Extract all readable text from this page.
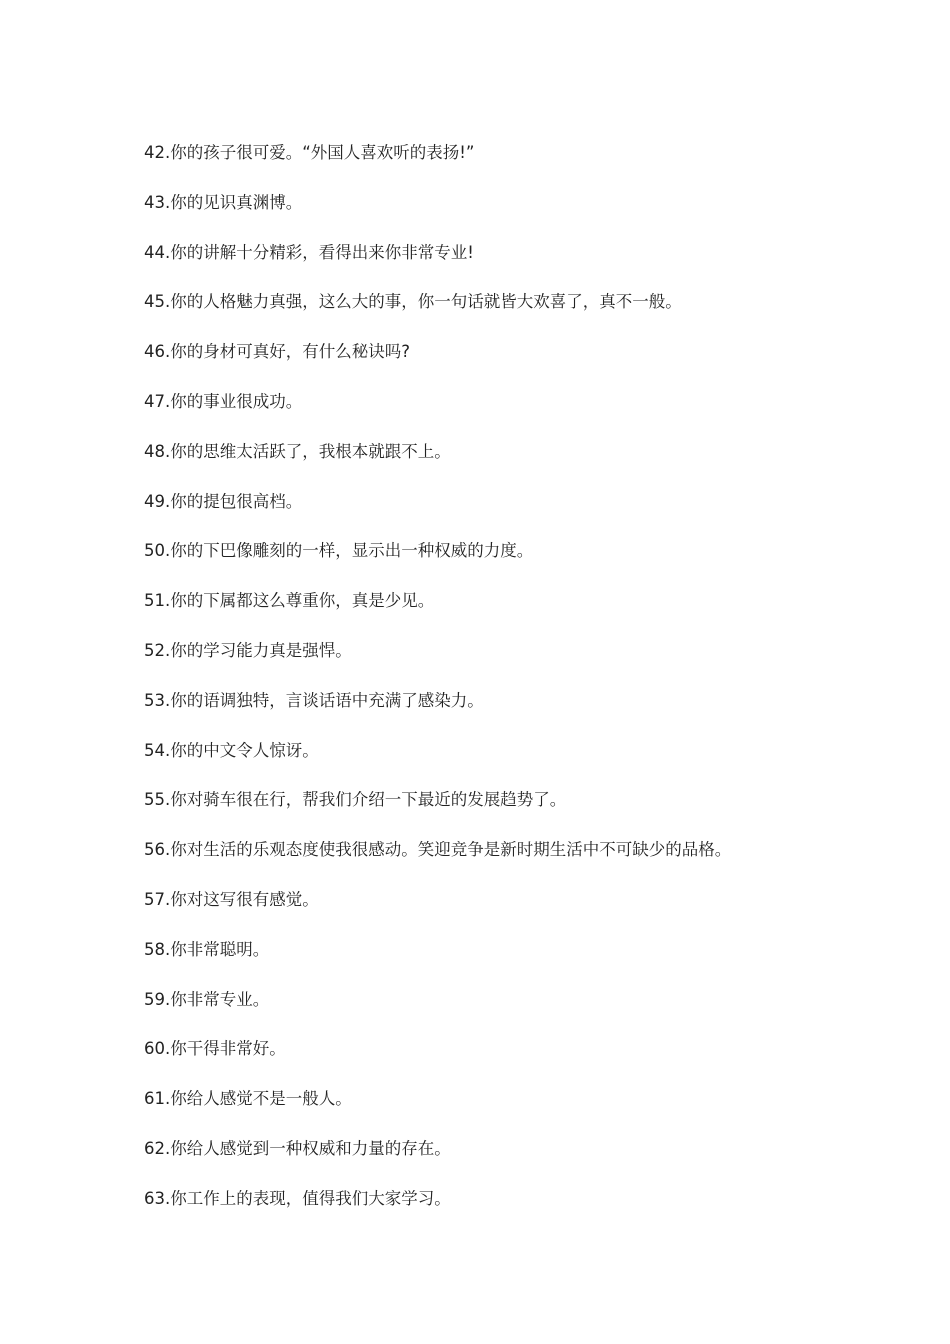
42.你的孩子很可爱。“外国人喜欢听的表扬!”
43.你的见识真渊博。
44.你的讲解十分精彩，看得出来你非常专业!
45.你的人格魅力真强，这么大的事，你一句话就皆大欢喜了，真不一般。
46.你的身材可真好，有什么秘诀吗?
47.你的事业很成功。
48.你的思维太活跃了，我根本就跟不上。
49.你的提包很高档。
50.你的下巴像雕刻的一样，显示出一种权威的力度。
51.你的下属都这么尊重你，真是少见。
52.你的学习能力真是强悍。
53.你的语调独特，言谈话语中充满了感染力。
54.你的中文令人惊讶。
55.你对骑车很在行，帮我们介绍一下最近的发展趋势了。
56.你对生活的乐观态度使我很感动。笑迎竞争是新时期生活中不可缺少的品格。
57.你对这写很有感觉。
58.你非常聪明。
59.你非常专业。
60.你干得非常好。
61.你给人感觉不是一般人。
62.你给人感觉到一种权威和力量的存在。
63.你工作上的表现，值得我们大家学习。
